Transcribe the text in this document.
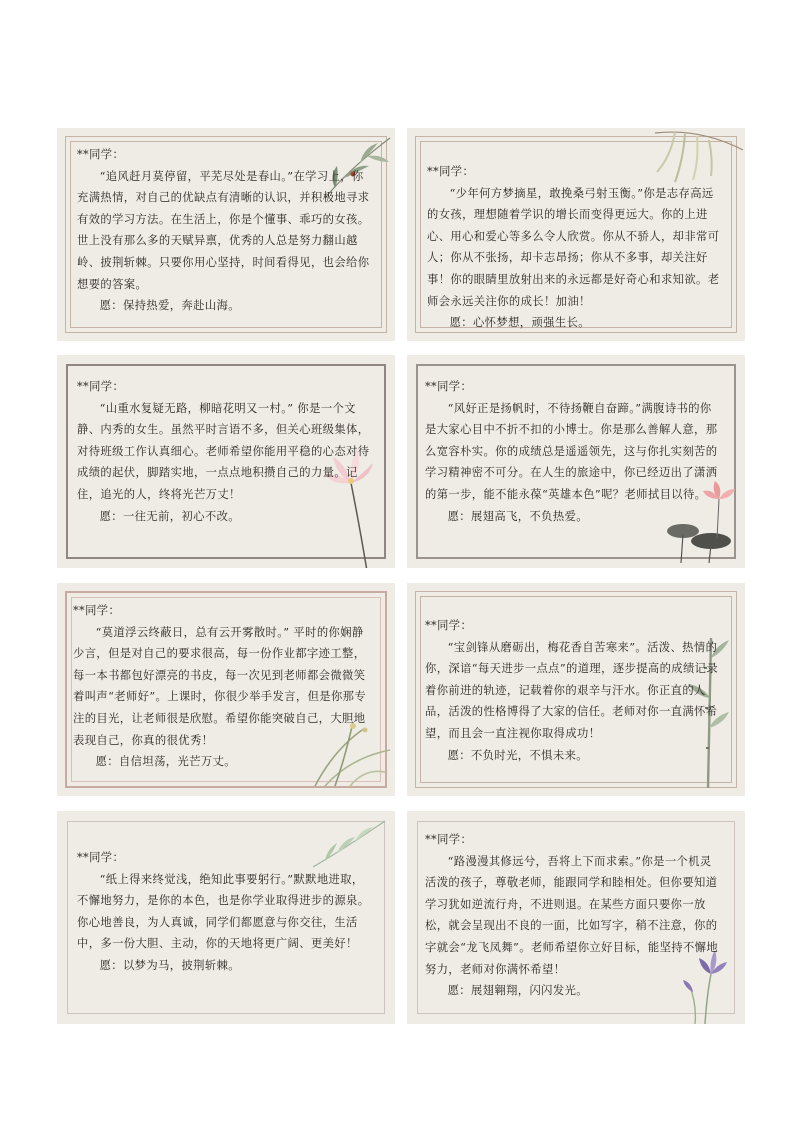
**同学：
“追风赶月莫停留，平芜尽处是春山。”在学习上，你充满热情，对自己的优缺点有清晰的认识，并积极地寻求有效的学习方法。在生活上，你是个懂事、乖巧的女孩。世上没有那么多的天赋异禀，优秀的人总是努力翻山越岭、披荆斩棘。只要你用心坚持，时间看得见，也会给你想要的答案。
愿：保持热爱，奔赴山海。
**同学：
“少年何方梦摘星，敢挽桑弓射玉衡。”你是志存高远的女孩，理想随着学识的增长而变得更远大。你的上进心、用心和爱心等多么令人欣赏。你从不骄人，却非常可人；你从不张扬，却卡志昂扬；你从不多事，却关注好事！你的眼睛里放射出来的永远都是好奇心和求知欲。老师会永远关注你的成长！加油！
愿：心怀梦想，顽强生长。
**同学：
“山重水复疑无路，柳暗花明又一村。” 你是一个文静、内秀的女生。虽然平时言语不多，但关心班级集体，对待班级工作认真细心。老师希望你能用平稳的心态对待成绩的起伏，脚踏实地，一点点地积攒自己的力量。记住，追光的人，终将光芒万丈！
愿：一往无前，初心不改。
**同学：
“风好正是扬帆时，不待扬鞭自奋蹄。”满腹诗书的你是大家心目中不折不扣的小博士。你是那么善解人意，那么宽容朴实。你的成绩总是遥遥领先，这与你扎实刻苦的学习精神密不可分。在人生的旅途中，你已经迈出了潇洒的第一步，能不能永葆“英雄本色”呢？老师拭目以待。
愿：展翅高飞，不负热爱。
**同学：
“莫道浮云终蔽日，总有云开雾散时。” 平时的你娴静少言，但是对自己的要求很高，每一份作业都字迹工整，每一本书都包好漂亮的书皮，每一次见到老师都会微微笑着叫声“老师好”。上课时，你很少举手发言，但是你那专注的目光，让老师很是欣慰。希望你能突破自己，大胆地表现自己，你真的很优秀！
愿：自信坦荡，光芒万丈。
**同学：
“宝剑锋从磨砺出，梅花香自苦寒来”。活泼、热情的你，深谙“每天进步一点点”的道理，逐步提高的成绩记录着你前进的轨迹，记载着你的艰辛与汗水。你正直的人品，活泼的性格博得了大家的信任。老师对你一直满怀希望，而且会一直注视你取得成功！
愿：不负时光，不惧未来。
**同学：
“纸上得来终觉浅，绝知此事要躬行。”默默地进取，不懈地努力，是你的本色，也是你学业取得进步的源泉。你心地善良，为人真诚，同学们都愿意与你交往，生活中，多一份大胆、主动，你的天地将更广阔、更美好！
愿：以梦为马，披荆斩棘。
**同学：
“路漫漫其修远兮，吾将上下而求索。”你是一个机灵活泼的孩子，尊敬老师，能跟同学和睦相处。但你要知道学习犹如逆流行舟，不进则退。在某些方面只要你一放松，就会呈现出不良的一面，比如写字，稍不注意，你的字就会“龙飞凤舞”。老师希望你立好目标，能坚持不懈地努力，老师对你满怀希望！
愿：展翅翱翔，闪闪发光。
